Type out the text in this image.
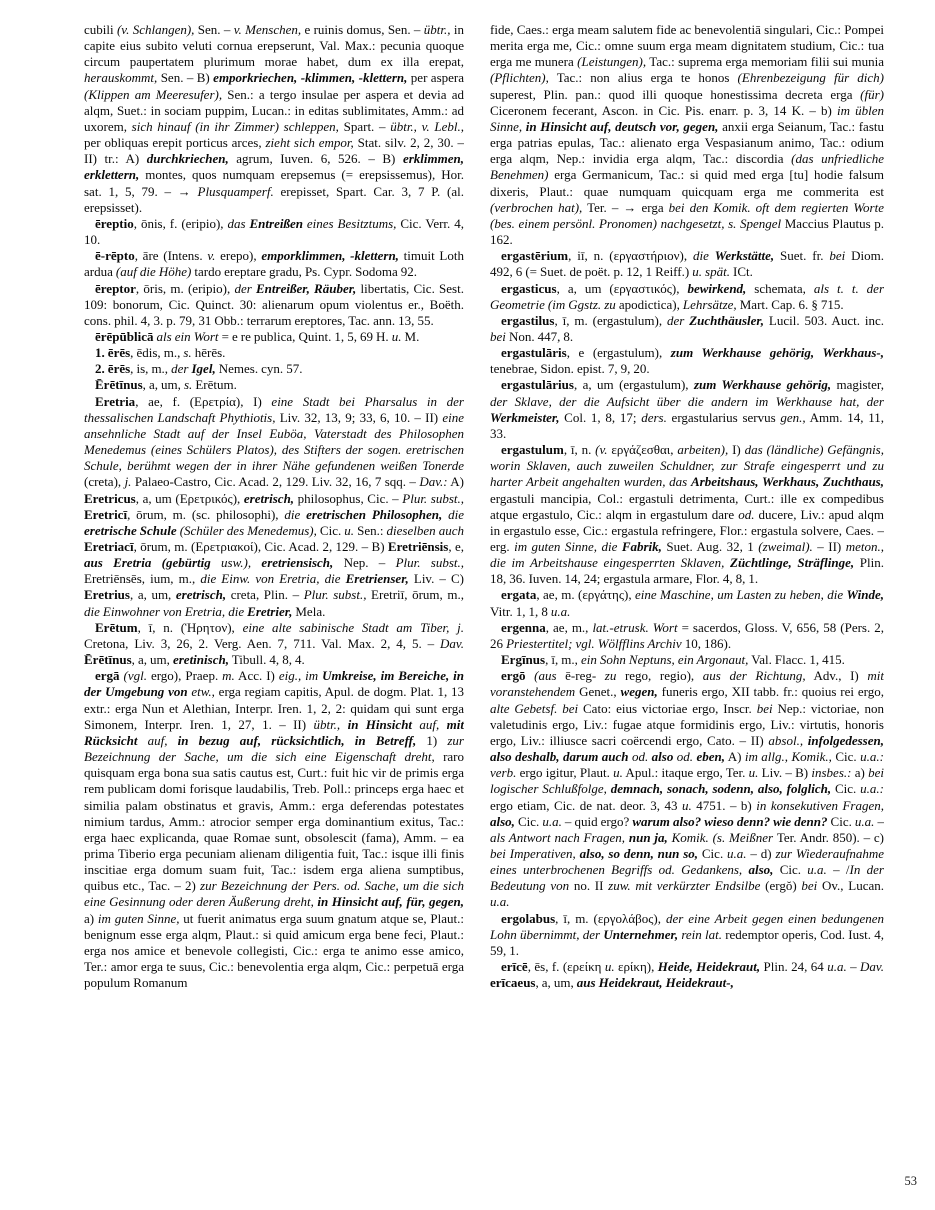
cubili (v. Schlangen), Sen. – v. Menschen, e ruinis domus, Sen. – übtr., in capite eius subito veluti cornua erepserunt, Val. Max.: pecunia quoque circum paupertatem plurimum morae habet, dum ex illa erepat, herauskommt, Sen. – B) emporkriechen, -klimmen, -klettern, per aspera (Klippen am Meeresufer), Sen.: a tergo insulae per aspera et devia ad alqm, Suet.: in sociam puppim, Lucan.: in editas sublimitates, Amm.: ad uxorem, sich hinauf (in ihr Zimmer) schleppen, Spart. – übtr., v. Lebl., per obliquas erepit porticus arces, zieht sich empor, Stat. silv. 2, 2, 30. – II) tr.: A) durchkriechen, agrum, Iuven. 6, 526. – B) erklimmen, erklettern, montes, quos numquam erepsemus (= erepsissemus), Hor. sat. 1, 5, 79. – → Plusquamperf. erepisset, Spart. Car. 3, 7 P. (al. erepsisset).

ēreptio, ōnis, f. (eripio), das Entreißen eines Besitztums, Cic. Verr. 4, 10.

ē-rēpto, āre (Intens. v. erepo), emporklimmen, -klettern, timuit Loth ardua (auf die Höhe) tardo ereptare gradu, Ps. Cypr. Sodoma 92.

ēreptor, ōris, m. (eripio), der Entreißer, Räuber, libertatis, Cic. Sest. 109: bonorum, Cic. Quinct. 30: alienarum opum violentus er., Boëth. cons. phil. 4, 3. p. 79, 31 Obb.: terrarum ereptores, Tac. ann. 13, 55.

ērēpūblicā als ein Wort = e re publica, Quint. 1, 5, 69 H. u. M.

1. ērēs, ēdis, m., s. hērēs.

2. ērēs, is, m., der Igel, Nemes. cyn. 57.

Ērētīnus, a, um, s. Erētum.

Eretria, ae, f. (Ερετρία), I) eine Stadt bei Pharsalus in der thessalischen Landschaft Phythiotis, Liv. 32, 13, 9; 33, 6, 10. – II) eine ansehnliche Stadt auf der Insel Euböa, Vaterstadt des Philosophen Menedemus (eines Schülers Platos), des Stifters der sogen. eretrischen Schule, berühmt wegen der in ihrer Nähe gefundenen weißen Tonerde (creta), j. Palaeo-Castro, Cic. Acad. 2, 129. Liv. 32, 16, 7 sqq. – Dav.: A) Eretricus, a, um (Ερετρικός), eretrisch, philosophus, Cic. – Plur. subst., Eretricī, ōrum, m. (sc. philosophi), die eretrischen Philosophen, die eretrische Schule (Schüler des Menedemus), Cic. u. Sen.: dieselben auch Eretriacī, ōrum, m. (Ερετριακοί), Cic. Acad. 2, 129. – B) Eretriēnsis, e, aus Eretria (gebürtig usw.), eretriensisch, Nep. – Plur. subst., Eretriēnsēs, ium, m., die Einw. von Eretria, die Eretrienser, Liv. – C) Eretrius, a, um, eretrisch, creta, Plin. – Plur. subst., Eretriī, ōrum, m., die Einwohner von Eretria, die Eretrier, Mela.

Erētum, ī, n. (Ἡρητον), eine alte sabinische Stadt am Tiber, j. Cretona, Liv. 3, 26, 2. Verg. Aen. 7, 711. Val. Max. 2, 4, 5. – Dav. Ērētīnus, a, um, eretinisch, Tibull. 4, 8, 4.

ergā (vgl. ergo), Praep. m. Acc. I) eig., im Umkreise, im Bereiche, in der Umgebung von etw., erga regiam capitis, Apul. de dogm. Plat. 1, 13 extr.: erga Nun et Alethian, Interpr. Iren. 1, 2, 2: quidam qui sunt erga Simonem, Interpr. Iren. 1, 27, 1. – II) übtr., in Hinsicht auf, mit Rücksicht auf, in bezug auf, rücksichtlich, in Betreff, 1) zur Bezeichnung der Sache, um die sich eine Eigenschaft dreht, raro quisquam erga bona sua satis cautus est, Curt.: fuit hic vir de primis erga rem publicam domi forisque laudabilis, Treb. Poll.: princeps erga haec et similia palam obstinatus et gravis, Amm.: erga deferendas potestates nimium tardus, Amm.: atrocior semper erga dominantium exitus, Tac.: erga haec explicanda, quae Romae sunt, obsolescit (fama), Amm. – ea prima Tiberio erga pecuniam alienam diligentia fuit, Tac.: isque illi finis inscitiae erga domum suam fuit, Tac.: isdem erga aliena sumptibus, quibus etc., Tac. – 2) zur Bezeichnung der Pers. od. Sache, um die sich eine Gesinnung oder deren Äußerung dreht, in Hinsicht auf, für, gegen, a) im guten Sinne, ut fuerit animatus erga suum gnatum atque se, Plaut.: benignum esse erga alqm, Plaut.: si quid amicum erga bene feci, Plaut.: erga nos amice et benevole collegisti, Cic.: erga te animo esse amico, Ter.: amor erga te suus, Cic.: benevolentia erga alqm, Cic.: perpetuā erga populum Romanum

fide, Caes.: erga meam salutem fide ac benevolentiā singulari, Cic.: Pompei merita erga me, Cic.: omne suum erga meam dignitatem studium, Cic.: tua erga me munera (Leistungen), Tac.: suprema erga memoriam filii sui munia (Pflichten), Tac.: non alius erga te honos (Ehrenbezeigung für dich) superest, Plin. pan.: quod illi quoque honestissima decreta erga (für) Ciceronem fecerant, Ascon. in Cic. Pis. enarr. p. 3, 14 K. – b) im üblen Sinne, in Hinsicht auf, deutsch vor, gegen, anxii erga Seianum, Tac.: fastu erga patrias epulas, Tac.: alienato erga Vespasianum animo, Tac.: odium erga alqm, Nep.: invidia erga alqm, Tac.: discordia (das unfriedliche Benehmen) erga Germanicum, Tac.: si quid med erga [tu] hodie falsum dixeris, Plaut.: quae numquam quicquam erga me commerita est (verbrochen hat), Ter. – → erga bei den Komik. oft dem regierten Worte (bes. einem persönl. Pronomen) nachgesetzt, s. Spengel Maccius Plautus p. 162.

ergastērium, iī, n. (εργαστήριον), die Werkstätte, Suet. fr. bei Diom. 492, 6 (= Suet. de poët. p. 12, 1 Reiff.) u. spät. ICt.

ergasticus, a, um (εργαστικός), bewirkend, schemata, als t. t. der Geometrie (im Ggstz. zu apodictica), Lehrsätze, Mart. Cap. 6. § 715.

ergastilus, ī, m. (ergastulum), der Zuchthäusler, Lucil. 503. Auct. inc. bei Non. 447, 8.

ergastulāris, e (ergastulum), zum Werkhause gehörig, Werkhaus-, tenebrae, Sidon. epist. 7, 9, 20.

ergastulārius, a, um (ergastulum), zum Werkhause gehörig, magister, der Sklave, der die Aufsicht über die andern im Werkhause hat, der Werkmeister, Col. 1, 8, 17; ders. ergastularius servus gen., Amm. 14, 11, 33.

ergastulum, ī, n. (v. εργάζεσθαι, arbeiten), I) das (ländliche) Gefängnis, worin Sklaven, auch zuweilen Schuldner, zur Strafe eingesperrt und zu harter Arbeit angehalten wurden, das Arbeitshaus, Werkhaus, Zuchthaus, ergastuli mancipia, Col.: ergastuli detrimenta, Curt.: ille ex compedibus atque ergastulo, Cic.: alqm in ergastulum dare od. ducere, Liv.: apud alqm in ergastulo esse, Cic.: ergastula refringere, Flor.: ergastula solvere, Caes. – erg. im guten Sinne, die Fabrik, Suet. Aug. 32, 1 (zweimal). – II) meton., die im Arbeitshause eingesperrten Sklaven, Züchtlinge, Sträflinge, Plin. 18, 36. Iuven. 14, 24; ergastula armare, Flor. 4, 8, 1.

ergata, ae, m. (εργάτης), eine Maschine, um Lasten zu heben, die Winde, Vitr. 1, 1, 8 u.a.

ergenna, ae, m., lat.-etrusk. Wort = sacerdos, Gloss. V, 656, 58 (Pers. 2, 26 Priestertitel; vgl. Wölfflins Archiv 10, 186).

Ergīnus, ī, m., ein Sohn Neptuns, ein Argonaut, Val. Flacc. 1, 415.

ergō (aus ē-reg- zu rego, regio), aus der Richtung, Adv., I) mit voranstehendem Genet., wegen, funeris ergo, XII tabb. fr.: quoius rei ergo, alte Gebetsf. bei Cato: eius victoriae ergo, Inscr. bei Nep.: victoriae, non valetudinis ergo, Liv.: fugae atque formidinis ergo, Liv.: virtutis, honoris ergo, Liv.: illiusce sacri coërcendi ergo, Cato. – II) absol., infolgedessen, also deshalb, darum auch od. also od. eben, A) im allg., Komik., Cic. u.a.: verb. ergo igitur, Plaut. u. Apul.: itaque ergo, Ter. u. Liv. – B) insbes.: a) bei logischer Schlußfolge, demnach, sonach, sodenn, also, folglich, Cic. u.a.: ergo etiam, Cic. de nat. deor. 3, 43 u. 4751. – b) in konsekutiven Fragen, also, Cic. u.a. – quid ergo? warum also? wieso denn? wie denn? Cic. u.a. – als Antwort nach Fragen, nun ja, Komik. (s. Meißner Ter. Andr. 850). – c) bei Imperativen, also, so denn, nun so, Cic. u.a. – d) zur Wiederaufnahme eines unterbrochenen Begriffs od. Gedankens, also, Cic. u.a. – /In der Bedeutung von no. II zuw. mit verkürzter Endsilbe (ergŏ) bei Ov., Lucan. u.a.

ergolabus, ī, m. (εργολάβος), der eine Arbeit gegen einen bedungenen Lohn übernimmt, der Unternehmer, rein lat. redemptor operis, Cod. Iust. 4, 59, 1.

erīcē, ēs, f. (ερείκη u. ερίκη), Heide, Heidekraut, Plin. 24, 64 u.a. – Dav. erīcaeus, a, um, aus Heidekraut, Heidekraut-,

53
